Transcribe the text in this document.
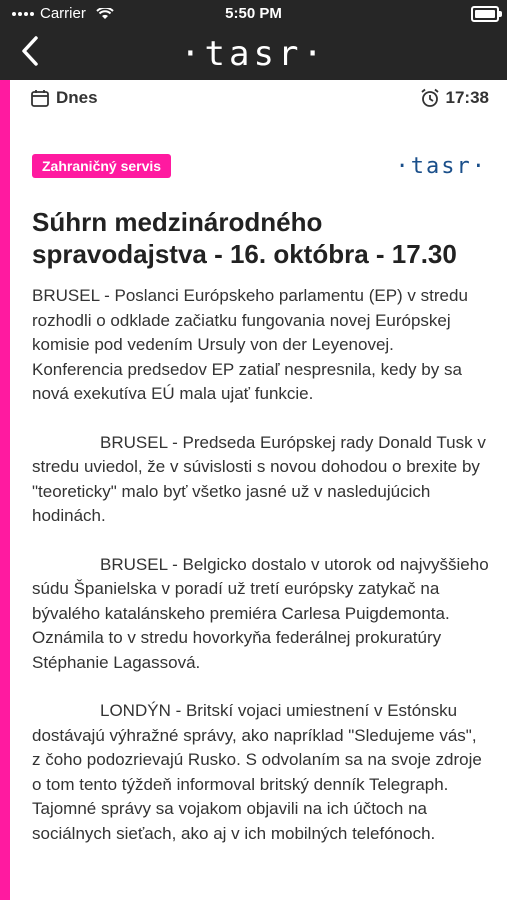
Carrier	5:50 PM
·tasr·
Dnes	17:38
Zahraničný servis	·tasr·
Súhrn medzinárodného spravodajstva - 16. októbra - 17.30

BRUSEL - Poslanci Európskeho parlamentu (EP) v stredu rozhodli o odklade začiatku fungovania novej Európskej komisie pod vedením Ursuly von der Leyenovej. Konferencia predsedov EP zatiaľ nespresnila, kedy by sa nová exekutíva EÚ mala ujať funkcie.

BRUSEL - Predseda Európskej rady Donald Tusk v stredu uviedol, že v súvislosti s novou dohodou o brexite by "teoreticky" malo byť všetko jasné už v nasledujúcich hodinách.

BRUSEL - Belgicko dostalo v utorok od najvyššieho súdu Španielska v poradí už tretí európsky zatykač na bývalého katalánskeho premiéra Carlesa Puigdemonta. Oznámila to v stredu hovorkyňa federálnej prokuratúry Stéphanie Lagassová.

LONDÝN - Britskí vojaci umiestnení v Estónsku dostávajú výhražné správy, ako napríklad "Sledujeme vás", z čoho podozrievajú Rusko. S odvolaním sa na svoje zdroje o tom tento týždeň informoval britský denník Telegraph. Tajomné správy sa vojakom objavili na ich účtoch na sociálnych sieťach, ako aj v ich mobilných telefónoch.
